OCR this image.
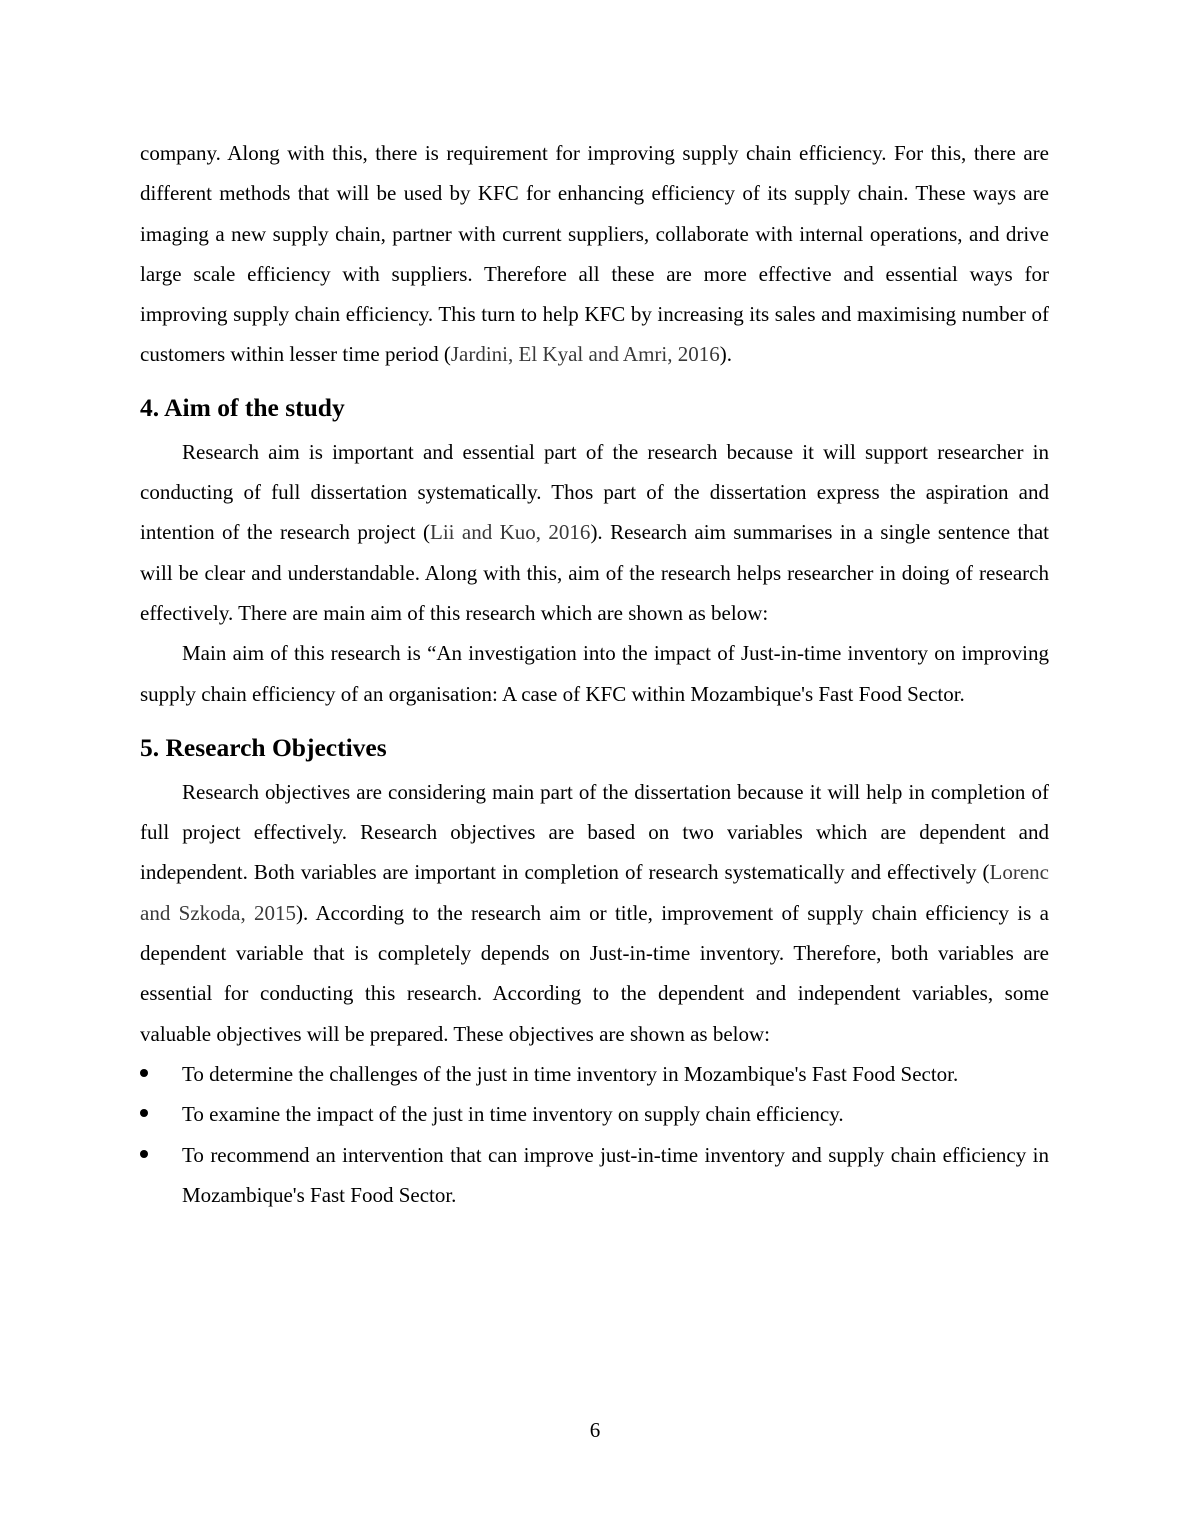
company. Along with this, there is requirement for improving supply chain efficiency. For this, there are different methods that will be used by KFC for enhancing efficiency of its supply chain. These ways are imaging a new supply chain, partner with current suppliers, collaborate with internal operations, and drive large scale efficiency with suppliers. Therefore all these are more effective and essential ways for improving supply chain efficiency. This turn to help KFC by increasing its sales and maximising number of customers within lesser time period (Jardini, El Kyal and Amri, 2016).

4. Aim of the study

Research aim is important and essential part of the research because it will support researcher in conducting of full dissertation systematically. Thos part of the dissertation express the aspiration and intention of the research project (Lii and Kuo, 2016). Research aim summarises in a single sentence that will be clear and understandable. Along with this, aim of the research helps researcher in doing of research effectively. There are main aim of this research which are shown as below:

Main aim of this research is “An investigation into the impact of Just-in-time inventory on improving supply chain efficiency of an organisation: A case of KFC within Mozambique's Fast Food Sector.

5. Research Objectives

Research objectives are considering main part of the dissertation because it will help in completion of full project effectively. Research objectives are based on two variables which are dependent and independent. Both variables are important in completion of research systematically and effectively (Lorenc and Szkoda, 2015). According to the research aim or title, improvement of supply chain efficiency is a dependent variable that is completely depends on Just-in-time inventory. Therefore, both variables are essential for conducting this research. According to the dependent and independent variables, some valuable objectives will be prepared. These objectives are shown as below:

To determine the challenges of the just in time inventory in Mozambique's Fast Food Sector.

To examine the impact of the just in time inventory on supply chain efficiency.

To recommend an intervention that can improve just-in-time inventory and supply chain efficiency in Mozambique's Fast Food Sector.

6
